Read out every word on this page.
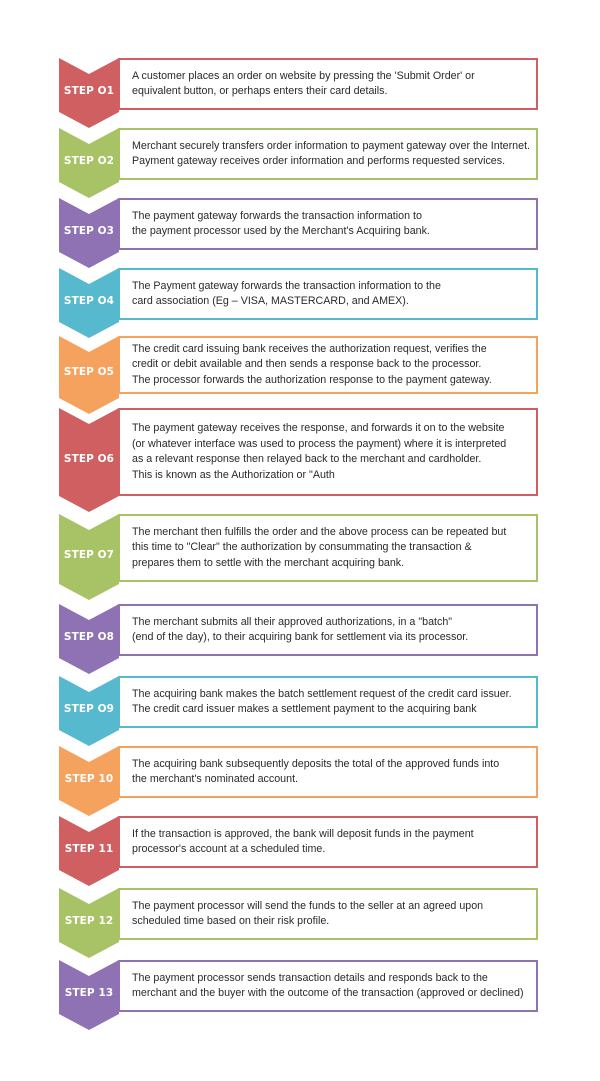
STEP O1
A customer places an order on website by pressing the 'Submit Order' or
equivalent button, or perhaps enters their card details.
STEP O2
Merchant securely transfers order information to payment gateway over the Internet.
Payment gateway receives order information and performs requested services.
STEP O3
The payment gateway forwards the transaction information to
the payment processor used by the Merchant's Acquiring bank.
STEP O4
The Payment gateway forwards the transaction information to the
card association (Eg – VISA, MASTERCARD, and AMEX).
STEP O5
The credit card issuing bank receives the authorization request, verifies the
credit or debit available and then sends a response back to the processor.
The processor forwards the authorization response to the payment gateway.
STEP O6
The payment gateway receives the response, and forwards it on to the website
(or whatever interface was used to process the payment) where it is interpreted
as a relevant response then relayed back to the merchant and cardholder.
This is known as the Authorization or "Auth
STEP O7
The merchant then fulfills the order and the above process can be repeated but
this time to "Clear" the authorization by consummating the transaction &
prepares them to settle with the merchant acquiring bank.
STEP O8
The merchant submits all their approved authorizations, in a "batch"
(end of the day), to their acquiring bank for settlement via its processor.
STEP O9
The acquiring bank makes the batch settlement request of the credit card issuer.
The credit card issuer makes a settlement payment to the acquiring bank
STEP 10
The acquiring bank subsequently deposits the total of the approved funds into
the merchant's nominated account.
STEP 11
If the transaction is approved, the bank will deposit funds in the payment
processor's account at a scheduled time.
STEP 12
The payment processor will send the funds to the seller at an agreed upon
scheduled time based on their risk profile.
STEP 13
The payment processor sends transaction details and responds back to the
merchant and the buyer with the outcome of the transaction (approved or declined)
